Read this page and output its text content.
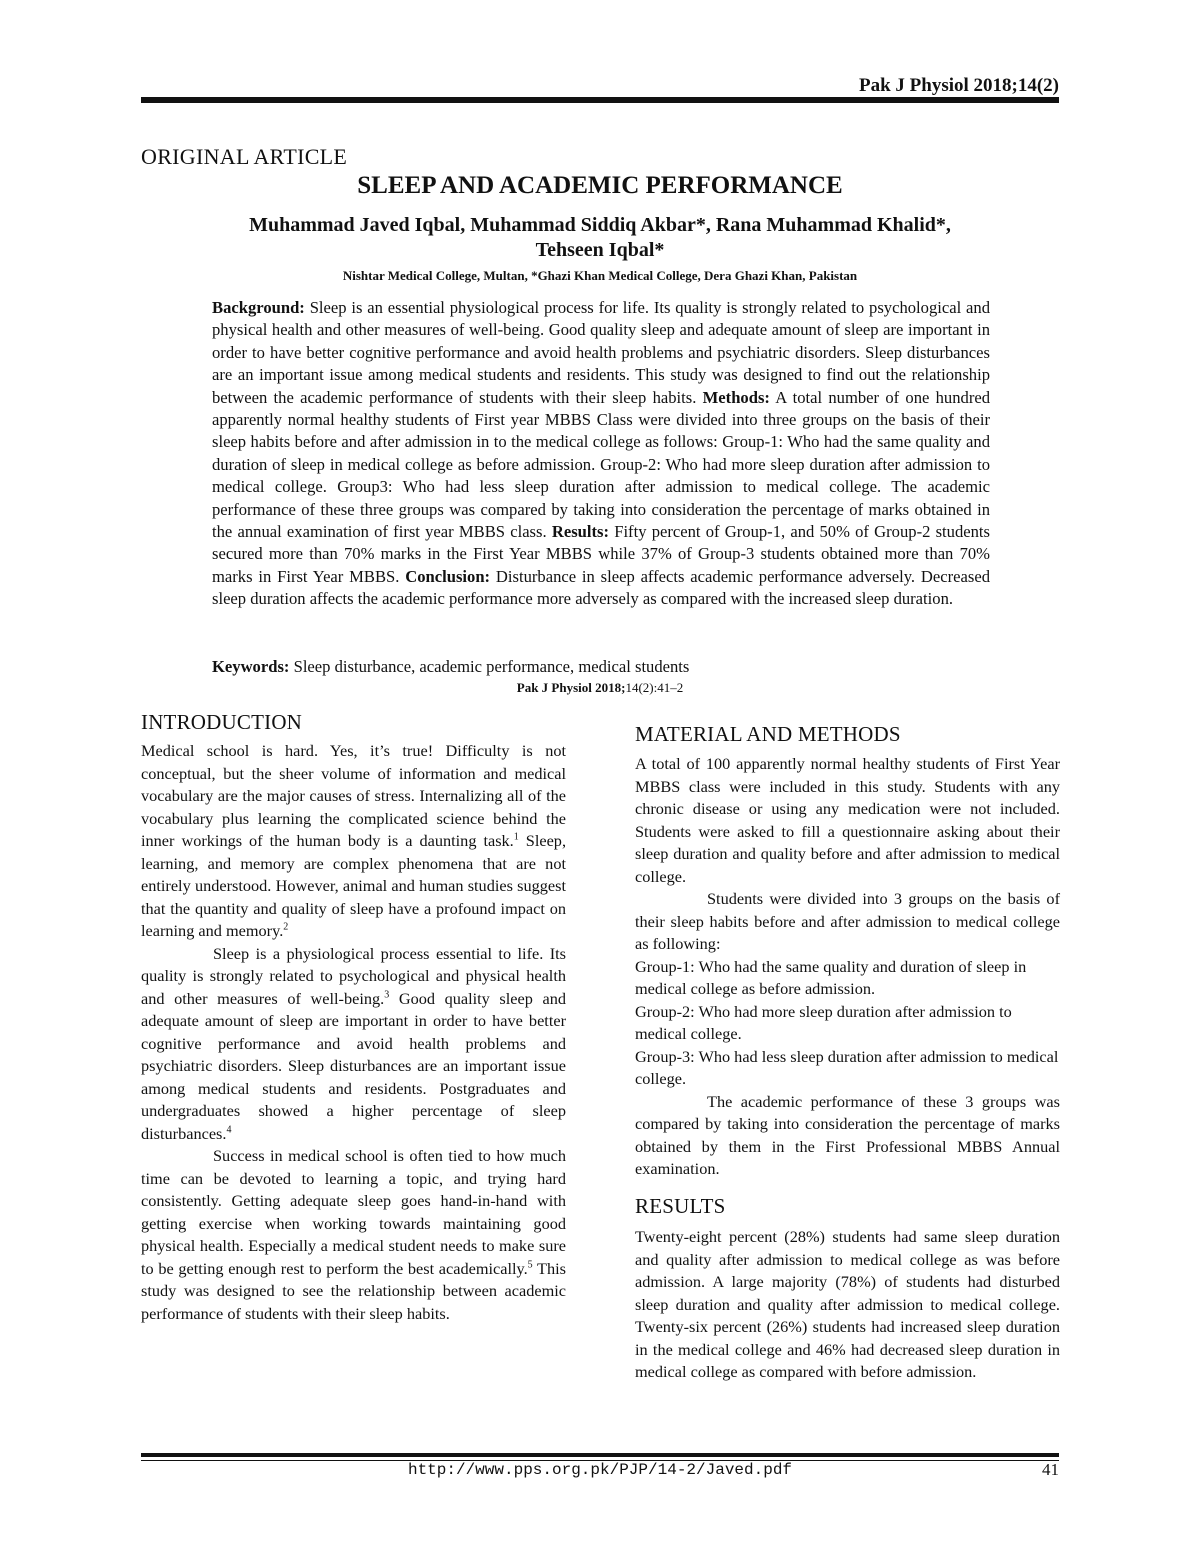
Pak J Physiol 2018;14(2)
ORIGINAL ARTICLE
SLEEP AND ACADEMIC PERFORMANCE
Muhammad Javed Iqbal, Muhammad Siddiq Akbar*, Rana Muhammad Khalid*,
Tehseen Iqbal*
Nishtar Medical College, Multan, *Ghazi Khan Medical College, Dera Ghazi Khan, Pakistan
Background: Sleep is an essential physiological process for life. Its quality is strongly related to psychological and physical health and other measures of well-being. Good quality sleep and adequate amount of sleep are important in order to have better cognitive performance and avoid health problems and psychiatric disorders. Sleep disturbances are an important issue among medical students and residents. This study was designed to find out the relationship between the academic performance of students with their sleep habits. Methods: A total number of one hundred apparently normal healthy students of First year MBBS Class were divided into three groups on the basis of their sleep habits before and after admission in to the medical college as follows: Group-1: Who had the same quality and duration of sleep in medical college as before admission. Group-2: Who had more sleep duration after admission to medical college. Group3: Who had less sleep duration after admission to medical college. The academic performance of these three groups was compared by taking into consideration the percentage of marks obtained in the annual examination of first year MBBS class. Results: Fifty percent of Group-1, and 50% of Group-2 students secured more than 70% marks in the First Year MBBS while 37% of Group-3 students obtained more than 70% marks in First Year MBBS. Conclusion: Disturbance in sleep affects academic performance adversely. Decreased sleep duration affects the academic performance more adversely as compared with the increased sleep duration.
Keywords: Sleep disturbance, academic performance, medical students
Pak J Physiol 2018;14(2):41–2
INTRODUCTION

Medical school is hard. Yes, it’s true! Difficulty is not conceptual, but the sheer volume of information and medical vocabulary are the major causes of stress. Internalizing all of the vocabulary plus learning the complicated science behind the inner workings of the human body is a daunting task.$^1$ Sleep, learning, and memory are complex phenomena that are not entirely understood. However, animal and human studies suggest that the quantity and quality of sleep have a profound impact on learning and memory.$^2$

Sleep is a physiological process essential to life. Its quality is strongly related to psychological and physical health and other measures of well-being.$^3$ Good quality sleep and adequate amount of sleep are important in order to have better cognitive performance and avoid health problems and psychiatric disorders. Sleep disturbances are an important issue among medical students and residents. Postgraduates and undergraduates showed a higher percentage of sleep disturbances.$^4$

Success in medical school is often tied to how much time can be devoted to learning a topic, and trying hard consistently. Getting adequate sleep goes hand-in-hand with getting exercise when working towards maintaining good physical health. Especially a medical student needs to make sure to be getting enough rest to perform the best academically.$^5$ This study was designed to see the relationship between academic performance of students with their sleep habits.

MATERIAL AND METHODS

A total of 100 apparently normal healthy students of First Year MBBS class were included in this study. Students with any chronic disease or using any medication were not included. Students were asked to fill a questionnaire asking about their sleep duration and quality before and after admission to medical college.

Students were divided into 3 groups on the basis of their sleep habits before and after admission to medical college as following:

Group-1: Who had the same quality and duration of sleep in medical college as before admission.

Group-2: Who had more sleep duration after admission to medical college.

Group-3: Who had less sleep duration after admission to medical college.

The academic performance of these 3 groups was compared by taking into consideration the percentage of marks obtained by them in the First Professional MBBS Annual examination.

RESULTS

Twenty-eight percent (28%) students had same sleep duration and quality after admission to medical college as was before admission. A large majority (78%) of students had disturbed sleep duration and quality after admission to medical college. Twenty-six percent (26%) students had increased sleep duration in the medical college and 46% had decreased sleep duration in medical college as compared with before admission.

http://www.pps.org.pk/PJP/14-2/Javed.pdf	41
